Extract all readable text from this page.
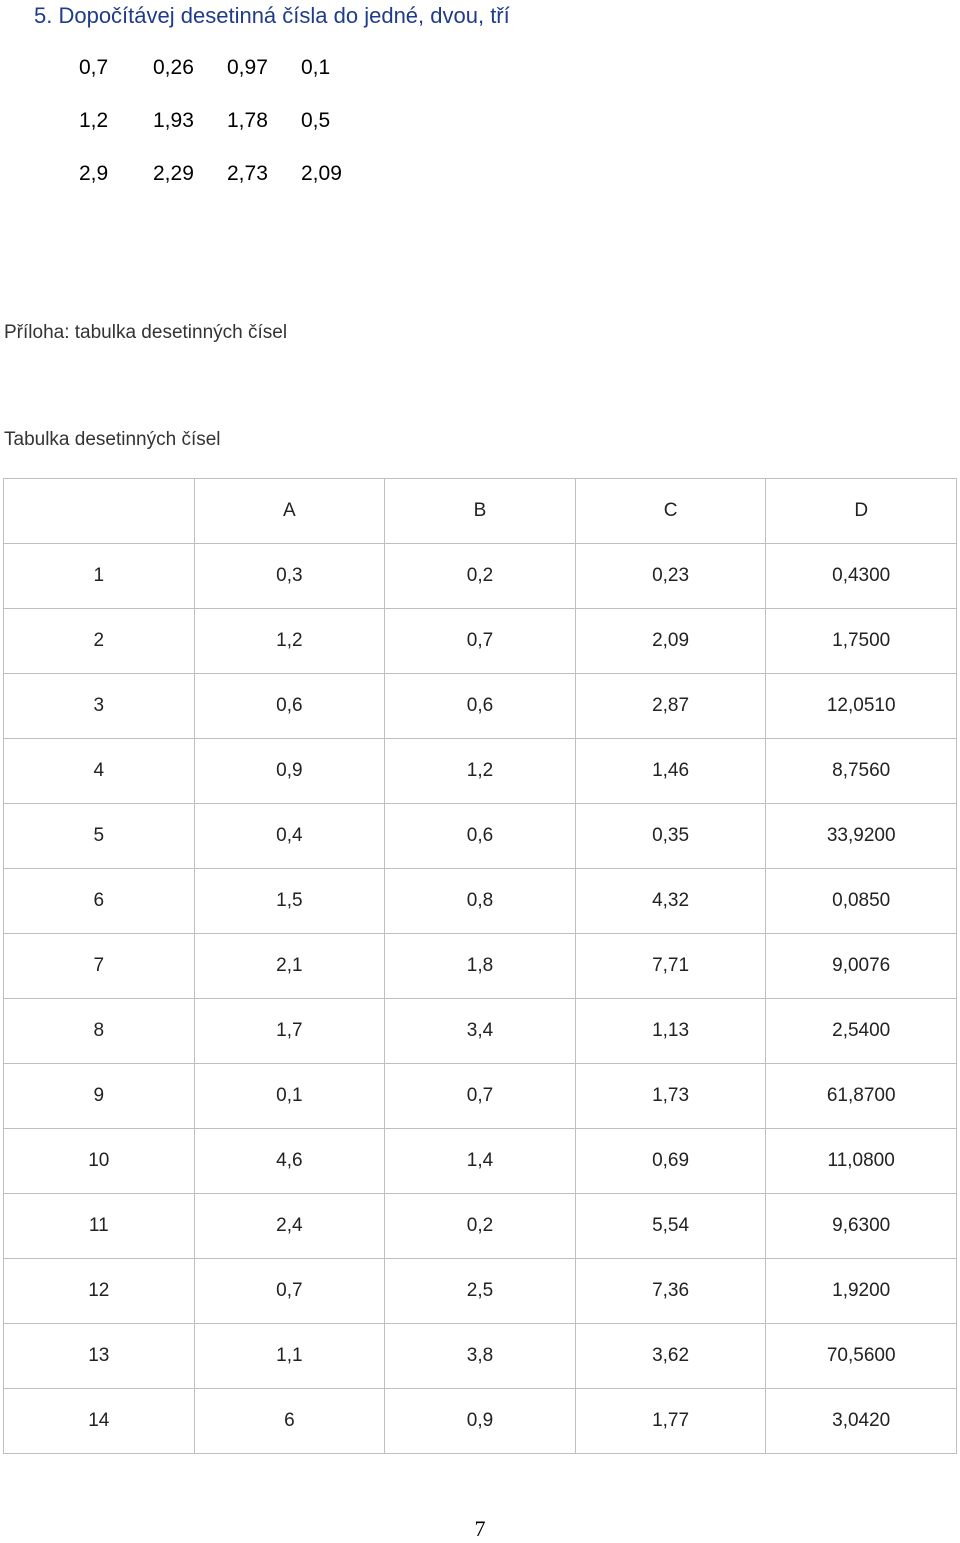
5. Dopočítávej desetinná čísla do jedné, dvou, tří
0,7 0,26 0,97 0,1
1,2 1,93 1,78 0,5
2,9 2,29 2,73 2,09
Příloha: tabulka desetinných čísel
Tabulka desetinných čísel
	A	B	C	D
1	0,3	0,2	0,23	0,4300
2	1,2	0,7	2,09	1,7500
3	0,6	0,6	2,87	12,0510
4	0,9	1,2	1,46	8,7560
5	0,4	0,6	0,35	33,9200
6	1,5	0,8	4,32	0,0850
7	2,1	1,8	7,71	9,0076
8	1,7	3,4	1,13	2,5400
9	0,1	0,7	1,73	61,8700
10	4,6	1,4	0,69	11,0800
11	2,4	0,2	5,54	9,6300
12	0,7	2,5	7,36	1,9200
13	1,1	3,8	3,62	70,5600
14	6	0,9	1,77	3,0420
7
